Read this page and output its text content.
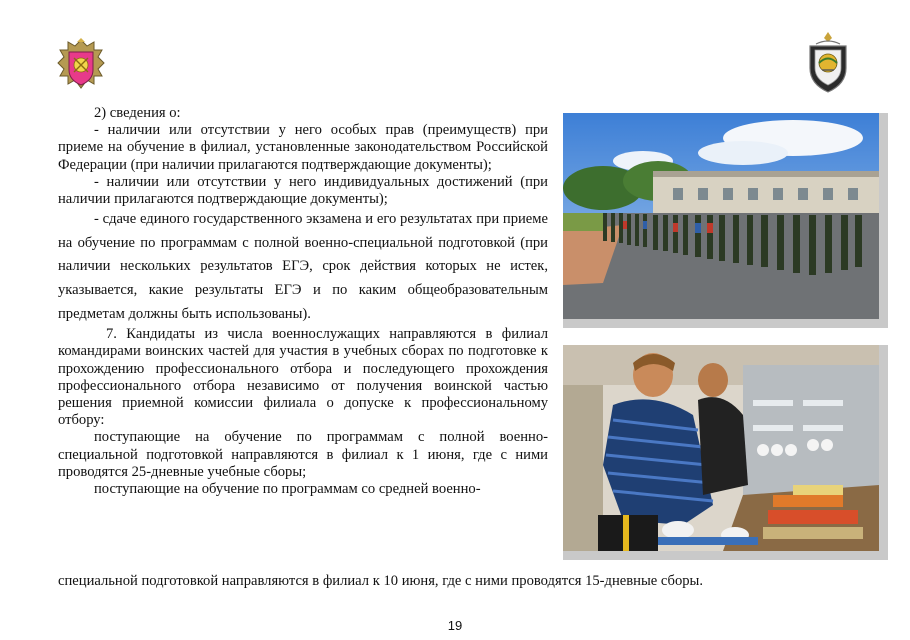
2) сведения о:

- наличии или отсутствии у него особых прав (преимуществ) при приеме на обучение в филиал, установленные законодательством Российской Федерации (при наличии прилагаются подтверждающие документы);

- наличии или отсутствии у него индивидуальных достижений (при наличии прилагаются подтверждающие документы);

- сдаче единого государственного экзамена и его результатах при приеме на обучение по программам с полной военно-специальной подготовкой (при наличии нескольких результатов ЕГЭ, срок действия которых не истек, указывается, какие результаты ЕГЭ и по каким общеобразовательным предметам должны быть использованы).

7. Кандидаты из числа военнослужащих направляются в филиал командирами воинских частей для участия в учебных сборах по подготовке к прохождению профессионального отбора и последующего прохождения профессионального отбора независимо от получения воинской частью решения приемной комиссии филиала о допуске к профессиональному отбору:

поступающие на обучение по программам с полной военно-специальной подготовкой направляются в филиал к 1 июня, где с ними проводятся 25-дневные учебные сборы;

поступающие на обучение по программам со средней военно-

специальной подготовкой направляются в филиал к 10 июня, где с ними проводятся 15-дневные сборы.
19
